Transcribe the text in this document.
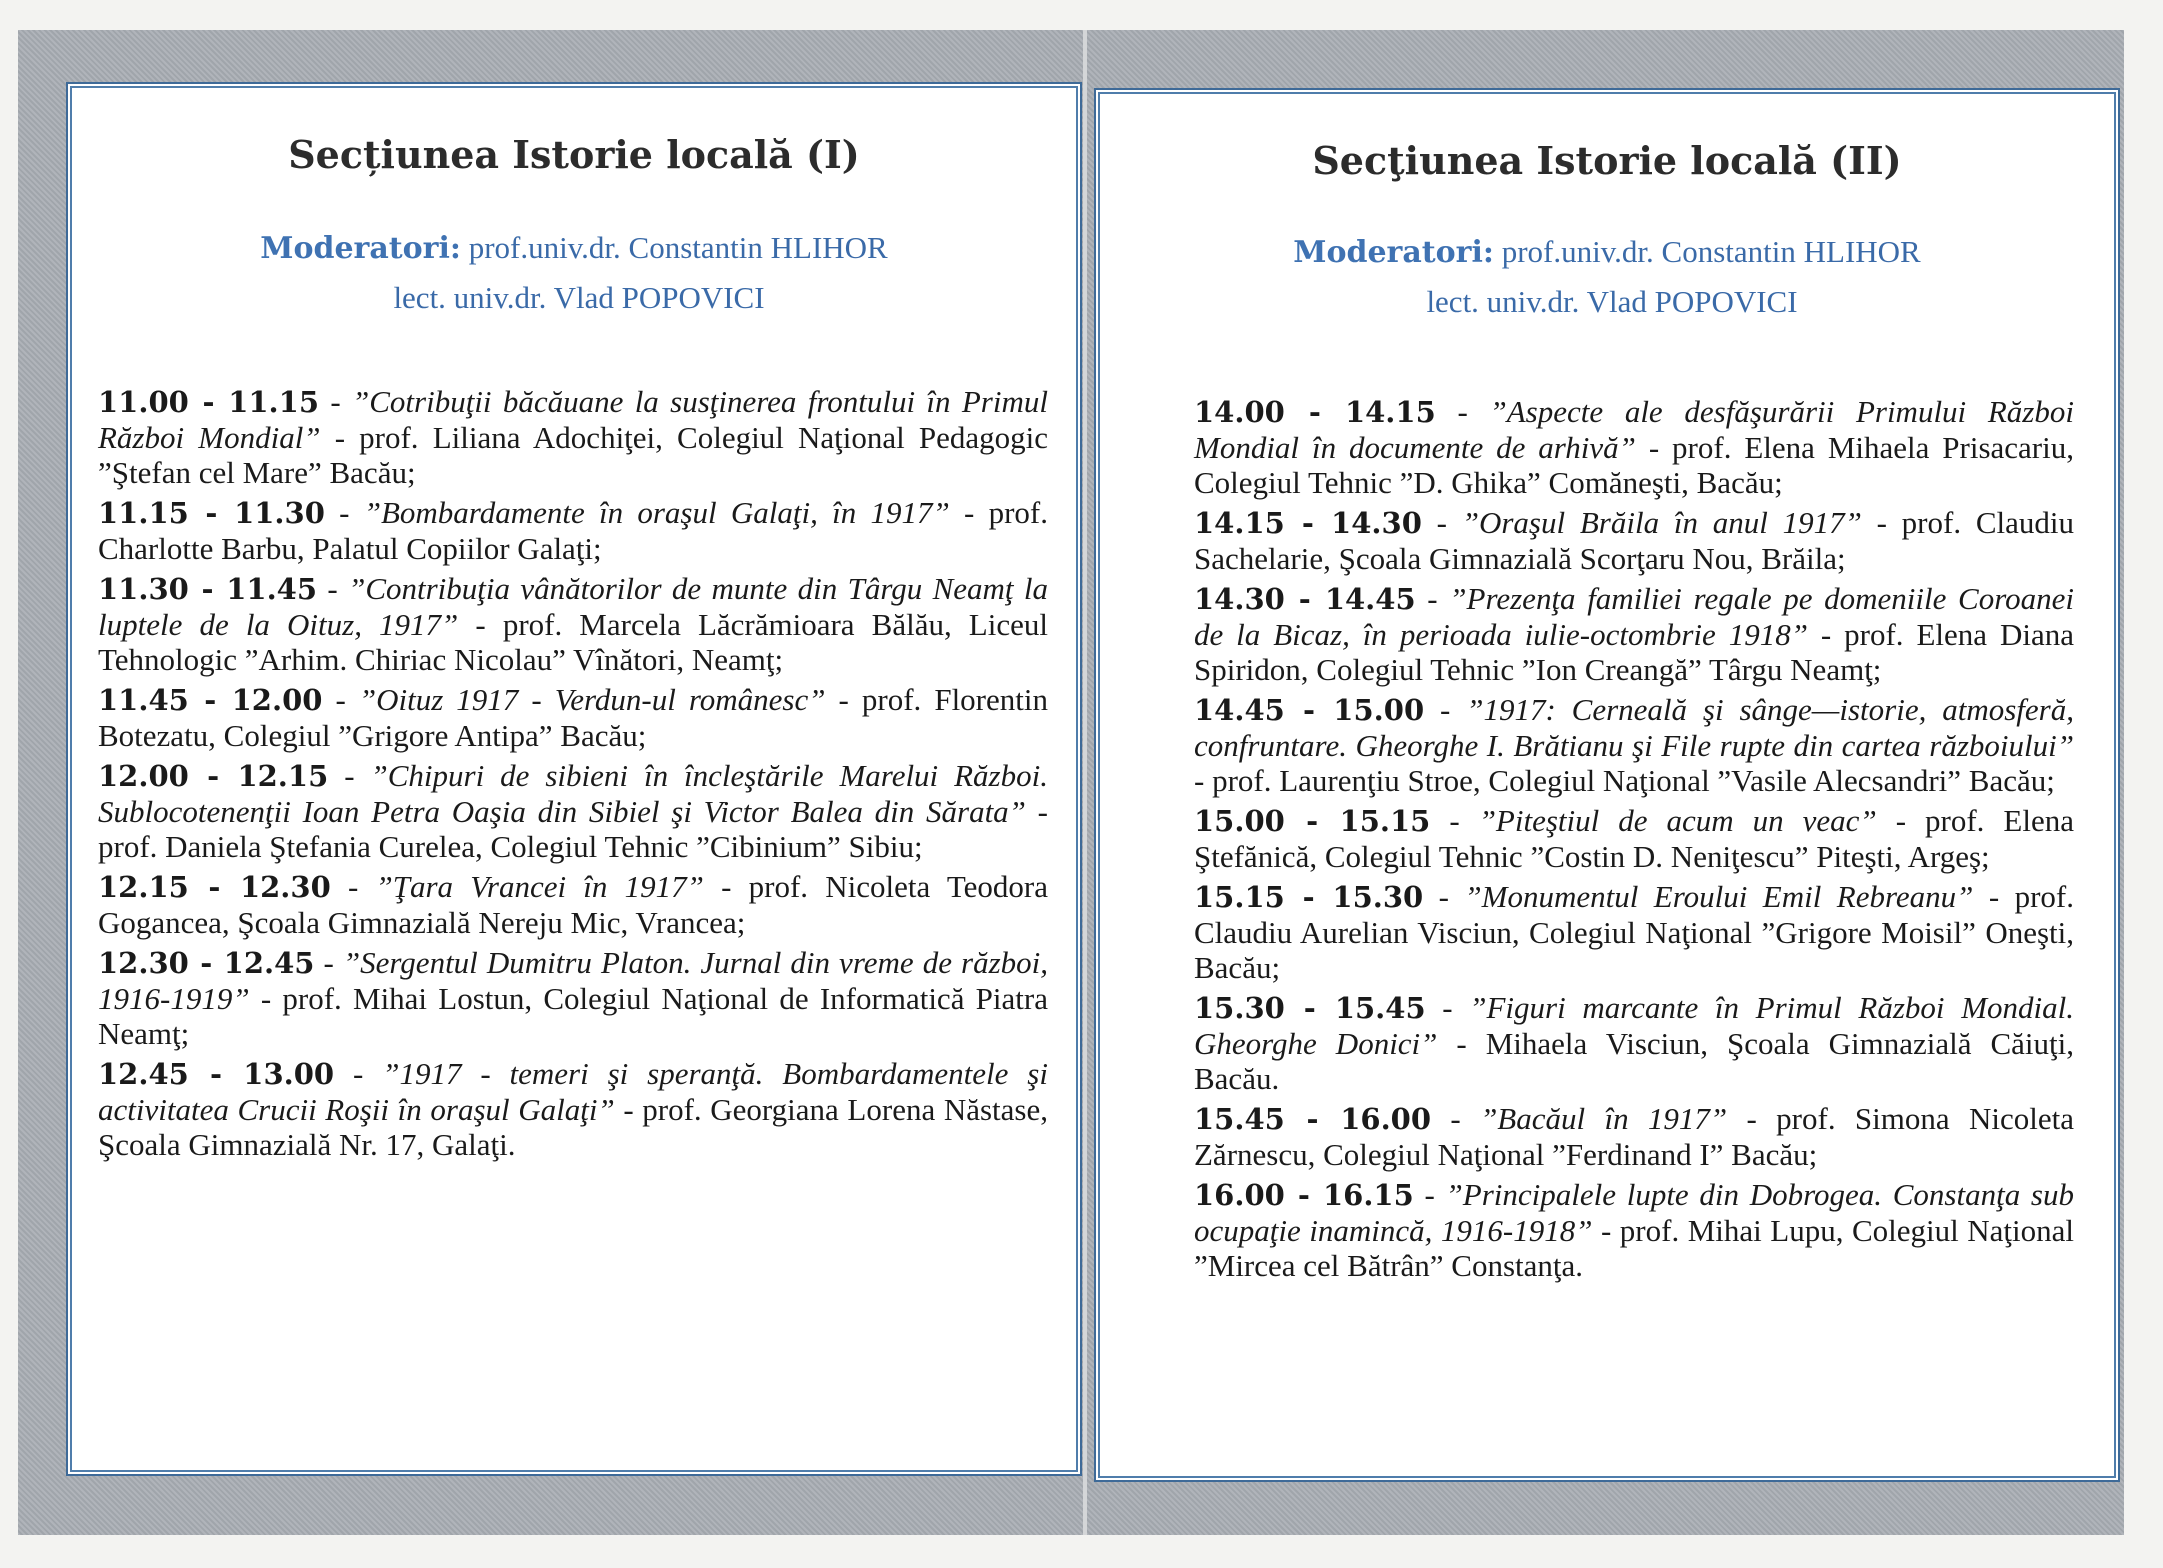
Secțiunea Istorie locală (I)
Moderatori: prof.univ.dr. Constantin HLIHOR
lect. univ.dr. Vlad POPOVICI

11.00 - 11.15 - ”Cotribuţii băcăuane la susţinerea frontului în Primul Război Mondial” - prof. Liliana Adochiţei, Colegiul Naţional Pedagogic ”Ştefan cel Mare” Bacău;

11.15 - 11.30 - ”Bombardamente în oraşul Galaţi, în 1917” - prof. Charlotte Barbu, Palatul Copiilor Galaţi;

11.30 - 11.45 - ”Contribuţia vânătorilor de munte din Târgu Neamţ la luptele de la Oituz, 1917” - prof. Marcela Lăcrămioara Bălău, Liceul Tehnologic ”Arhim. Chiriac Nicolau” Vînători, Neamţ;

11.45 - 12.00 - ”Oituz 1917 - Verdun-ul românesc” - prof. Florentin Botezatu, Colegiul ”Grigore Antipa” Bacău;

12.00 - 12.15 - ”Chipuri de sibieni în încleştările Marelui Război. Sublocotenenţii Ioan Petra Oaşia din Sibiel şi Victor Balea din Sărata” - prof. Daniela Ştefania Curelea, Colegiul Tehnic ”Cibinium” Sibiu;

12.15 - 12.30 - ”Ţara Vrancei în 1917” - prof. Nicoleta Teodora Gogancea, Şcoala Gimnazială Nereju Mic, Vrancea;

12.30 - 12.45 - ”Sergentul Dumitru Platon. Jurnal din vreme de război, 1916-1919” - prof. Mihai Lostun, Colegiul Naţional de Informatică Piatra Neamţ;

12.45 - 13.00 - ”1917 - temeri şi speranţă. Bombardamentele şi activitatea Crucii Roşii în oraşul Galaţi” - prof. Georgiana Lorena Năstase, Şcoala Gimnazială Nr. 17, Galaţi.

Secţiunea Istorie locală (II)
Moderatori: prof.univ.dr. Constantin HLIHOR
lect. univ.dr. Vlad POPOVICI

14.00 - 14.15 - ”Aspecte ale desfăşurării Primului Război Mondial în documente de arhivă” - prof. Elena Mihaela Prisacariu, Colegiul Tehnic ”D. Ghika” Comăneşti, Bacău;

14.15 - 14.30 - ”Oraşul Brăila în anul 1917” - prof. Claudiu Sachelarie, Şcoala Gimnazială Scorţaru Nou, Brăila;

14.30 - 14.45 - ”Prezenţa familiei regale pe domeniile Coroanei de la Bicaz, în perioada iulie-octombrie 1918” - prof. Elena Diana Spiridon, Colegiul Tehnic ”Ion Creangă” Târgu Neamţ;

14.45 - 15.00 - ”1917: Cerneală şi sânge—istorie, atmosferă, confruntare. Gheorghe I. Brătianu şi File rupte din cartea războiului” - prof. Laurenţiu Stroe, Colegiul Naţional ”Vasile Alecsandri” Bacău;

15.00 - 15.15 - ”Piteştiul de acum un veac” - prof. Elena Ştefănică, Colegiul Tehnic ”Costin D. Neniţescu” Piteşti, Argeş;

15.15 - 15.30 - ”Monumentul Eroului Emil Rebreanu” - prof. Claudiu Aurelian Visciun, Colegiul Naţional ”Grigore Moisil” Oneşti, Bacău;

15.30 - 15.45 - ”Figuri marcante în Primul Război Mondial. Gheorghe Donici” - Mihaela Visciun, Şcoala Gimnazială Căiuţi, Bacău.

15.45 - 16.00 - ”Bacăul în 1917” - prof. Simona Nicoleta Zărnescu, Colegiul Naţional ”Ferdinand I” Bacău;

16.00 - 16.15 - ”Principalele lupte din Dobrogea. Constanţa sub ocupaţie inamincă, 1916-1918” - prof. Mihai Lupu, Colegiul Naţional ”Mircea cel Bătrân” Constanţa.
